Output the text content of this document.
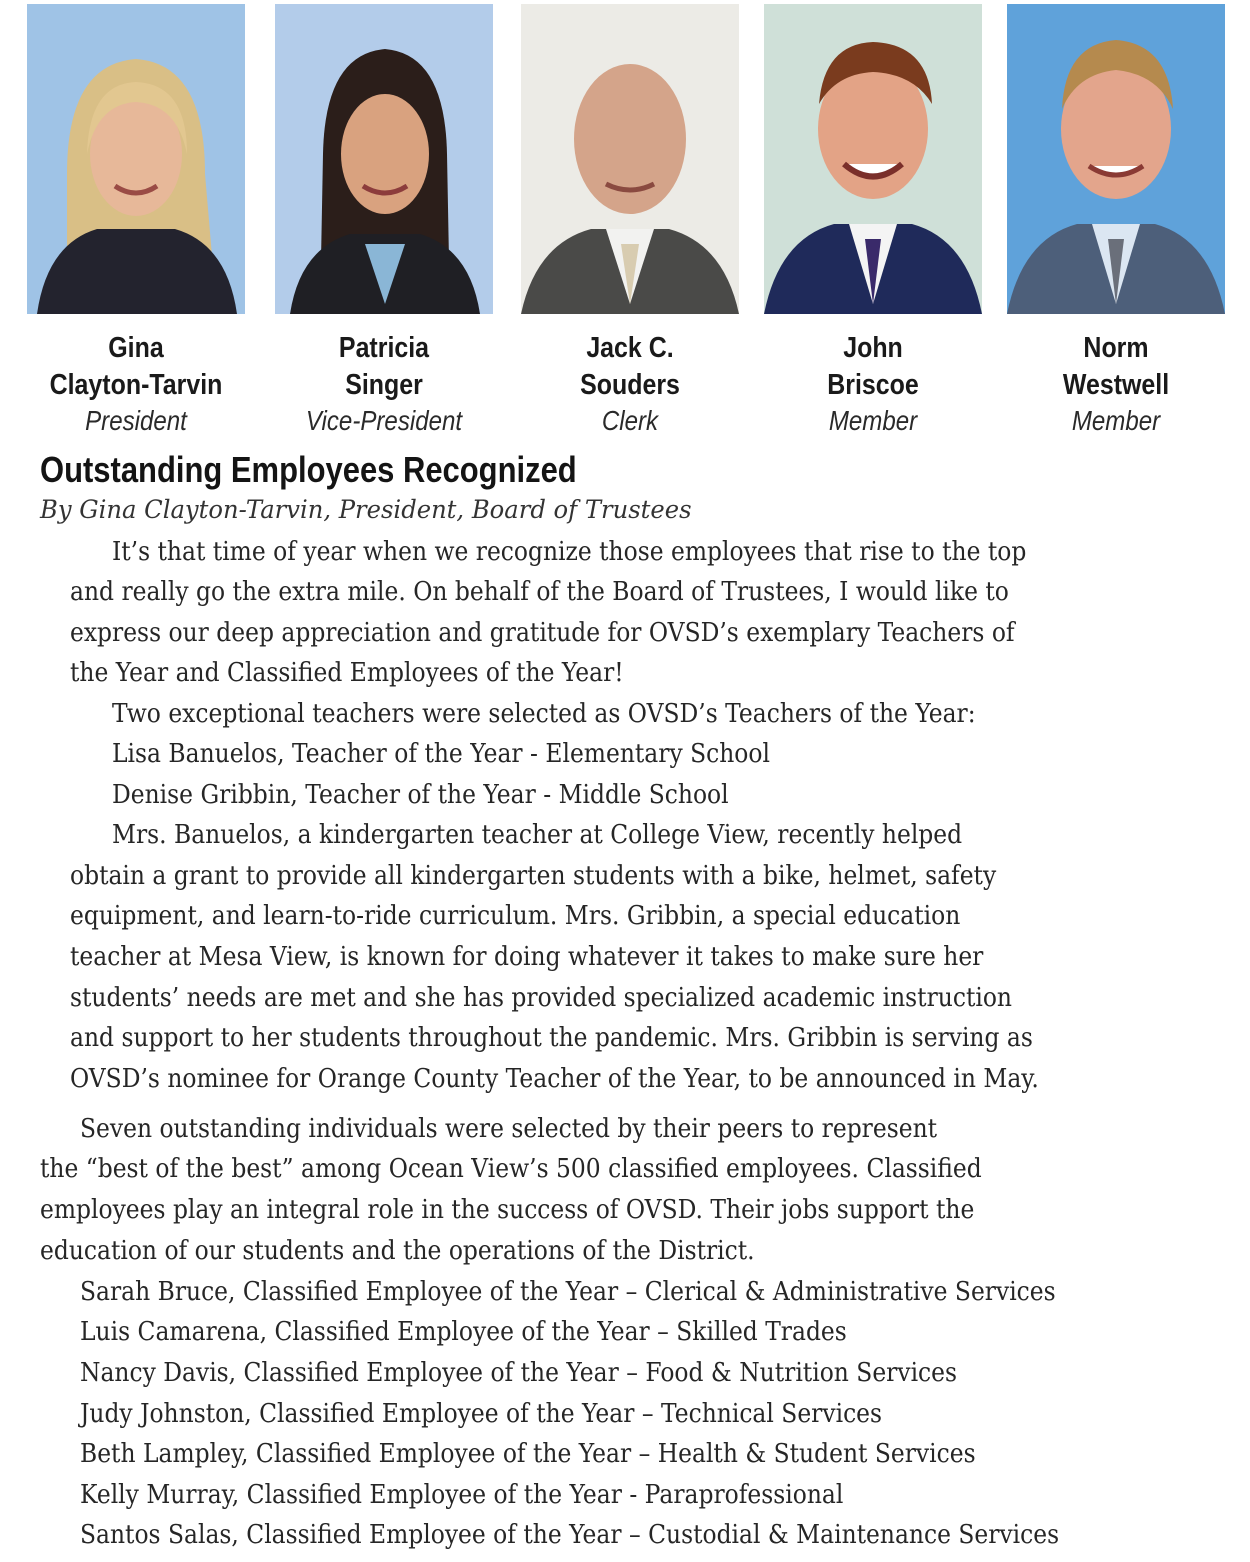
Gina
Clayton-Tarvin
President
Patricia
Singer
Vice-President
Jack C.
Souders
Clerk
John
Briscoe
Member
Norm
Westwell
Member
Outstanding Employees Recognized
By Gina Clayton-Tarvin, President, Board of Trustees
It’s that time of year when we recognize those employees that rise to the top
and really go the extra mile. On behalf of the Board of Trustees, I would like to
express our deep appreciation and gratitude for OVSD’s exemplary Teachers of
the Year and Classified Employees of the Year!
Two exceptional teachers were selected as OVSD’s Teachers of the Year:
Lisa Banuelos, Teacher of the Year - Elementary School
Denise Gribbin, Teacher of the Year - Middle School
Mrs. Banuelos, a kindergarten teacher at College View, recently helped
obtain a grant to provide all kindergarten students with a bike, helmet, safety
equipment, and learn-to-ride curriculum. Mrs. Gribbin, a special education
teacher at Mesa View, is known for doing whatever it takes to make sure her
students’ needs are met and she has provided specialized academic instruction
and support to her students throughout the pandemic. Mrs. Gribbin is serving as
OVSD’s nominee for Orange County Teacher of the Year, to be announced in May.
Seven outstanding individuals were selected by their peers to represent
the “best of the best” among Ocean View’s 500 classified employees. Classified
employees play an integral role in the success of OVSD. Their jobs support the
education of our students and the operations of the District.
Sarah Bruce, Classified Employee of the Year – Clerical & Administrative Services
Luis Camarena, Classified Employee of the Year – Skilled Trades
Nancy Davis, Classified Employee of the Year – Food & Nutrition Services
Judy Johnston, Classified Employee of the Year – Technical Services
Beth Lampley, Classified Employee of the Year – Health & Student Services
Kelly Murray, Classified Employee of the Year - Paraprofessional
Santos Salas, Classified Employee of the Year – Custodial & Maintenance Services
